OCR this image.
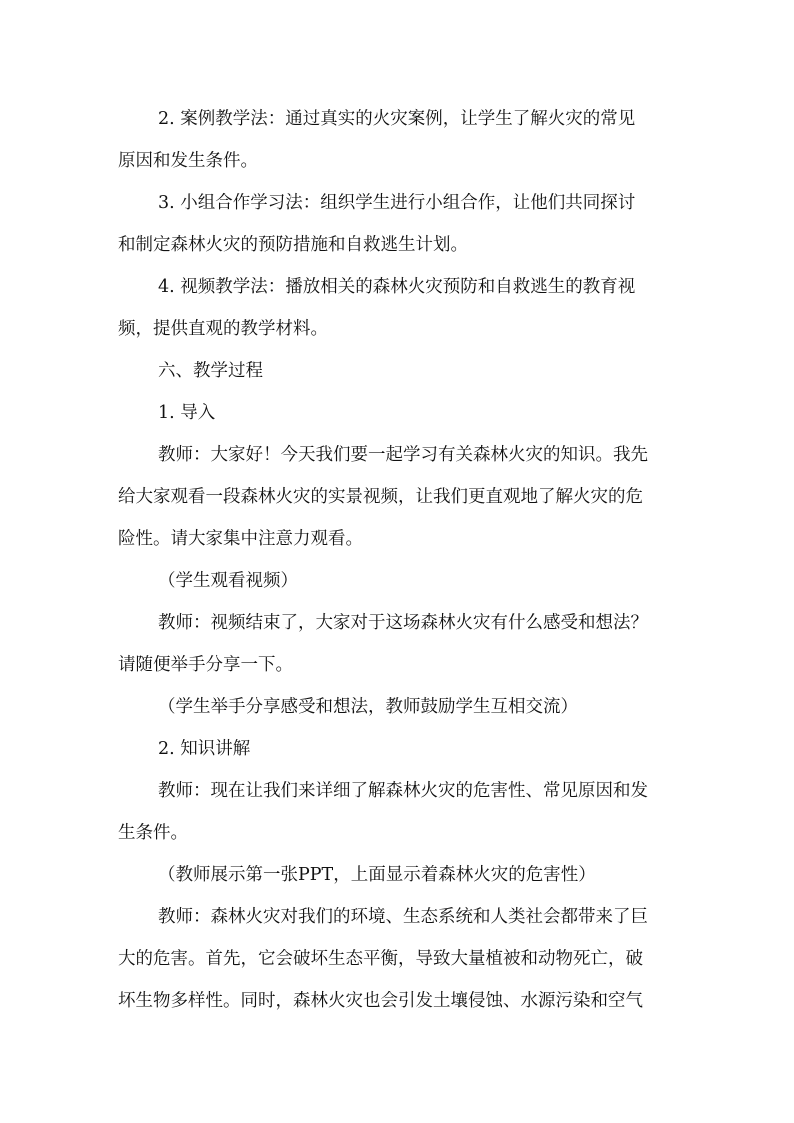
2. 案例教学法：通过真实的火灾案例，让学生了解火灾的常见
原因和发生条件。

3. 小组合作学习法：组织学生进行小组合作，让他们共同探讨
和制定森林火灾的预防措施和自救逃生计划。

4. 视频教学法：播放相关的森林火灾预防和自救逃生的教育视
频，提供直观的教学材料。

六、教学过程

1. 导入

教师：大家好！今天我们要一起学习有关森林火灾的知识。我先
给大家观看一段森林火灾的实景视频，让我们更直观地了解火灾的危
险性。请大家集中注意力观看。

（学生观看视频）

教师：视频结束了，大家对于这场森林火灾有什么感受和想法？
请随便举手分享一下。

（学生举手分享感受和想法，教师鼓励学生互相交流）

2. 知识讲解

教师：现在让我们来详细了解森林火灾的危害性、常见原因和发
生条件。

（教师展示第一张PPT，上面显示着森林火灾的危害性）

教师：森林火灾对我们的环境、生态系统和人类社会都带来了巨
大的危害。首先，它会破坏生态平衡，导致大量植被和动物死亡，破
坏生物多样性。同时，森林火灾也会引发土壤侵蚀、水源污染和空气
